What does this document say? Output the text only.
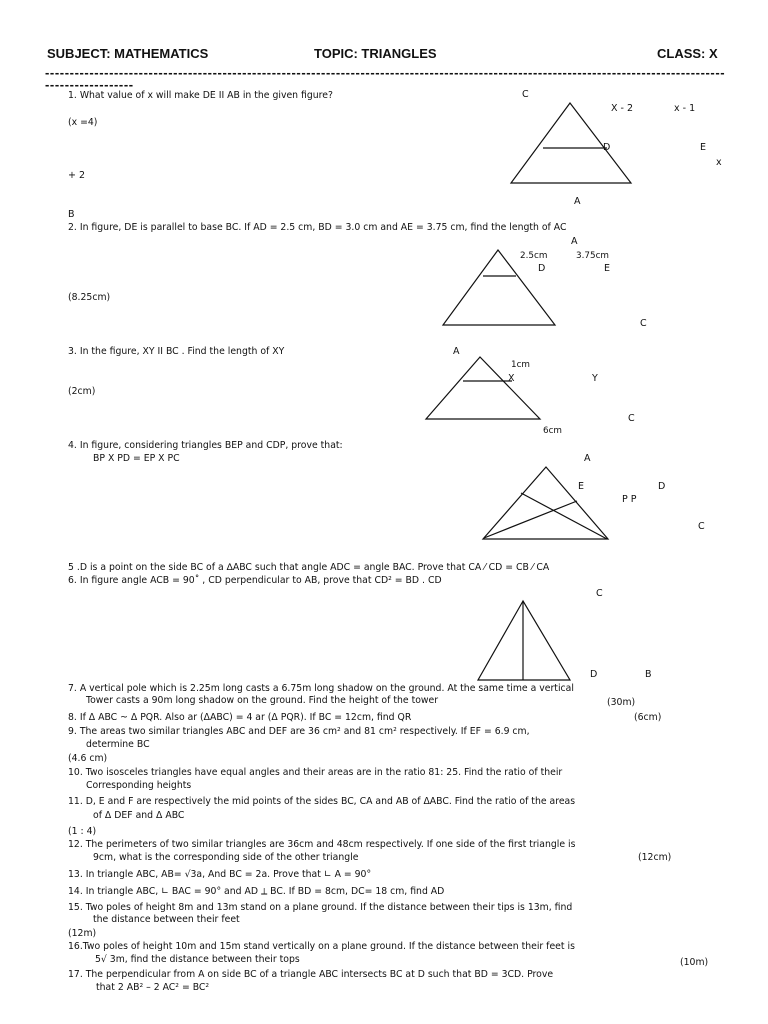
SUBJECT: MATHEMATICS	TOPIC: TRIANGLES	CLASS: X
------------------------------------------------------------------------------------------------------------------------------------------------------------
1. What value of x will make DE II AB in the given figure?
(x =4)
C
X - 2	x - 1
D	E
x
+ 2
A
B
2. In figure, DE is parallel to base BC. If AD = 2.5 cm, BD = 3.0 cm and AE = 3.75 cm, find the length of AC
A
2.5cm	3.75cm
D	E
(8.25cm)
C
3. In the figure, XY II BC . Find the length of XY	A
1cm
X	Y
(2cm)
C
6cm
4. In figure, considering triangles BEP and CDP, prove that:
BP X PD = EP X PC	A
E	D
P P
C
5 .D is a point on the side BC of a ∆ABC such that angle ADC = angle BAC. Prove that CA ⁄ CD = CB ⁄ CA
6. In figure angle ACB = 90˚ , CD perpendicular to AB, prove that CD² = BD . CD
C
D	B
7. A vertical pole which is 2.25m long casts a 6.75m long shadow on the ground. At the same time a vertical
Tower casts a 90m long shadow on the ground. Find the height of the tower	(30m)
8. If Δ ABC ~ Δ PQR. Also ar (ΔABC) = 4 ar (Δ PQR). If BC = 12cm, find QR	(6cm)
9. The areas two similar triangles ABC and DEF are 36 cm² and 81 cm² respectively. If EF = 6.9 cm,
determine BC
(4.6 cm)
10. Two isosceles triangles have equal angles and their areas are in the ratio 81: 25. Find the ratio of their
Corresponding heights
11. D, E and F are respectively the mid points of the sides BC, CA and AB of ΔABC. Find the ratio of the areas
of Δ DEF and Δ ABC
(1 : 4)
12. The perimeters of two similar triangles are 36cm and 48cm respectively. If one side of the first triangle is
9cm, what is the corresponding side of the other triangle	(12cm)
13. In triangle ABC, AB= √3a, And BC = 2a. Prove that ∟ A = 90°
14. In triangle ABC, ∟ BAC = 90° and AD ⟂ BC. If BD = 8cm, DC= 18 cm, find AD
15. Two poles of height 8m and 13m stand on a plane ground. If the distance between their tips is 13m, find
the distance between their feet
(12m)
16.Two poles of height 10m and 15m stand vertically on a plane ground. If the distance between their feet is
5√ 3m, find the distance between their tops	(10m)
17. The perpendicular from A on side BC of a triangle ABC intersects BC at D such that BD = 3CD. Prove
that 2 AB² – 2 AC² = BC²
